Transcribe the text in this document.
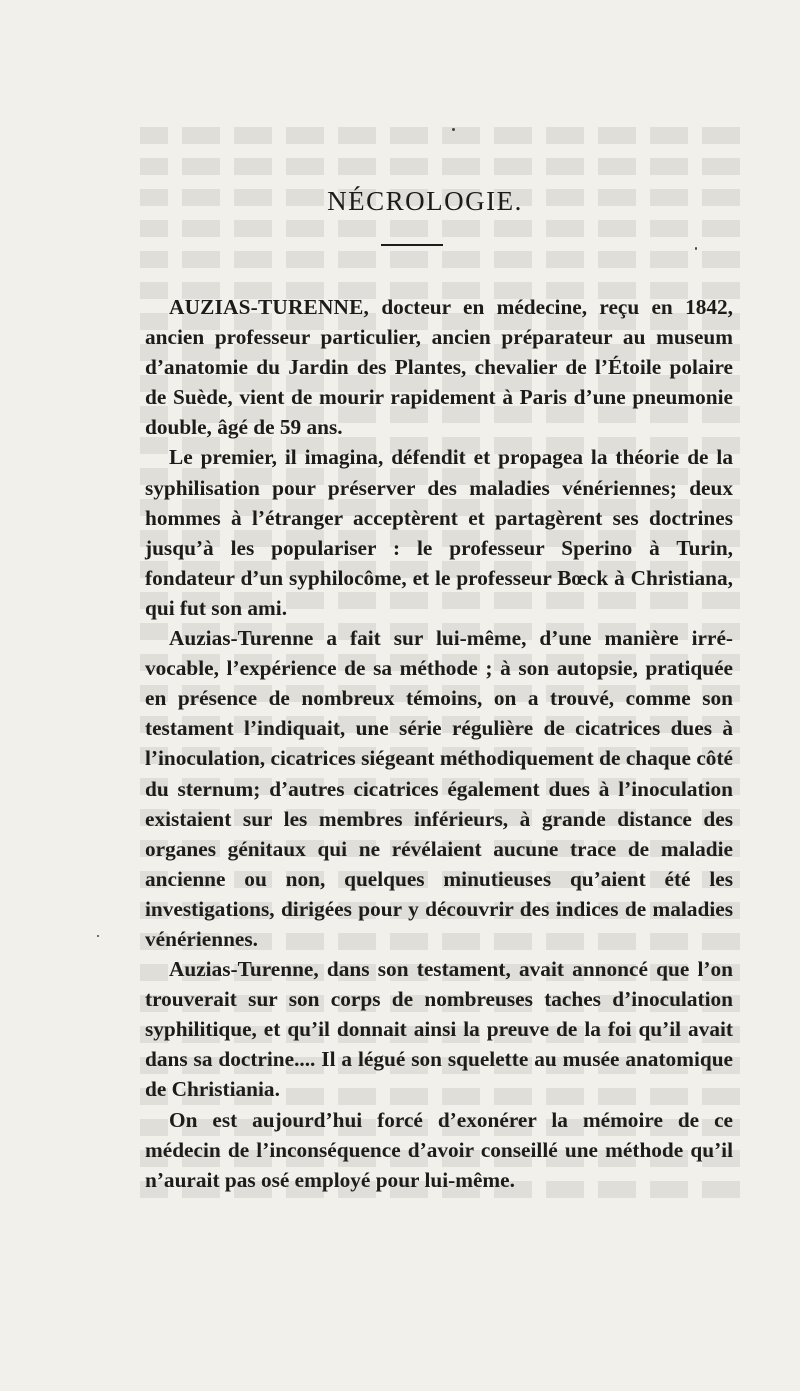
NÉCROLOGIE.

AUZIAS-TURENNE, docteur en médecine, reçu en 1842, ancien professeur particulier, ancien préparateur au museum d’anatomie du Jardin des Plantes, chevalier de l’Étoile polaire de Suède, vient de mourir rapidement à Paris d’une pneumonie double, âgé de 59 ans.

Le premier, il imagina, défendit et propagea la théorie de la syphilisation pour préserver des maladies vénériennes; deux hommes à l’étranger acceptèrent et partagèrent ses doctrines jusqu’à les populariser : le professeur Sperino à Turin, fondateur d’un syphilocôme, et le professeur Bœck à Christiana, qui fut son ami.

Auzias-Turenne a fait sur lui-même, d’une manière irrévocable, l’expérience de sa méthode ; à son autopsie, pratiquée en présence de nombreux témoins, on a trouvé, comme son testament l’indiquait, une série régulière de cicatrices dues à l’inoculation, cicatrices siégeant méthodiquement de chaque côté du sternum; d’autres cicatrices également dues à l’inoculation existaient sur les membres inférieurs, à grande distance des organes génitaux qui ne révélaient aucune trace de maladie ancienne ou non, quelques minutieuses qu’aient été les investigations, dirigées pour y découvrir des indices de maladies vénériennes.

Auzias-Turenne, dans son testament, avait annoncé que l’on trouverait sur son corps de nombreuses taches d’inoculation syphilitique, et qu’il donnait ainsi la preuve de la foi qu’il avait dans sa doctrine.... Il a légué son squelette au musée anatomique de Christiania.

On est aujourd’hui forcé d’exonérer la mémoire de ce médecin de l’inconséquence d’avoir conseillé une méthode qu’il n’aurait pas osé employé pour lui-même.
